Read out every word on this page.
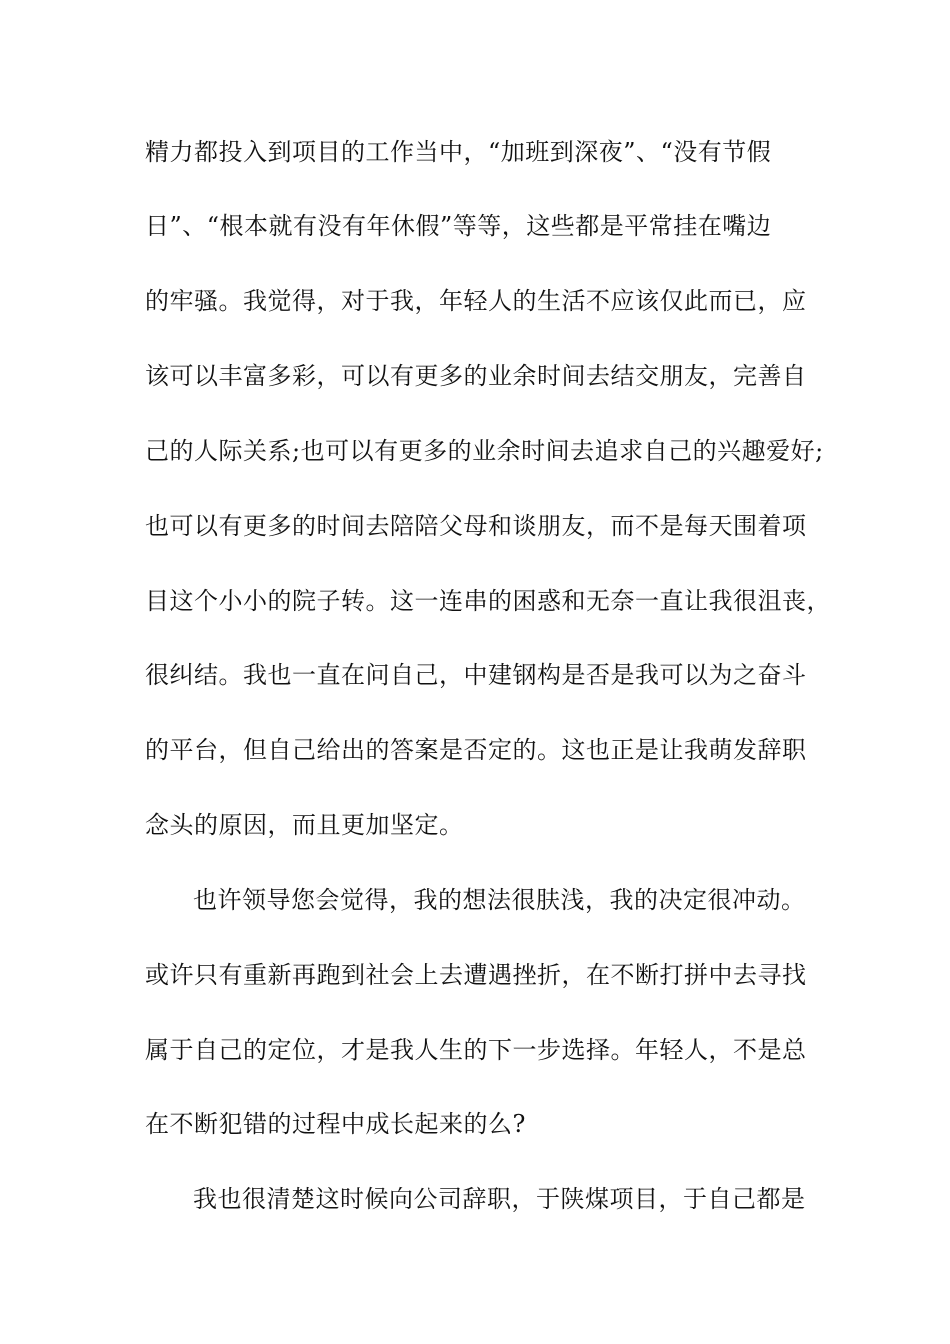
精力都投入到项目的工作当中，“加班到深夜”、“没有节假
日”、“根本就有没有年休假”等等，这些都是平常挂在嘴边
的牢骚。我觉得，对于我，年轻人的生活不应该仅此而已，应
该可以丰富多彩，可以有更多的业余时间去结交朋友，完善自
己的人际关系;也可以有更多的业余时间去追求自己的兴趣爱好;
也可以有更多的时间去陪陪父母和谈朋友，而不是每天围着项
目这个小小的院子转。这一连串的困惑和无奈一直让我很沮丧，
很纠结。我也一直在问自己，中建钢构是否是我可以为之奋斗
的平台，但自己给出的答案是否定的。这也正是让我萌发辞职
念头的原因，而且更加坚定。
也许领导您会觉得，我的想法很肤浅，我的决定很冲动。
或许只有重新再跑到社会上去遭遇挫折，在不断打拼中去寻找
属于自己的定位，才是我人生的下一步选择。年轻人，不是总
在不断犯错的过程中成长起来的么?
我也很清楚这时候向公司辞职，于陕煤项目，于自己都是
